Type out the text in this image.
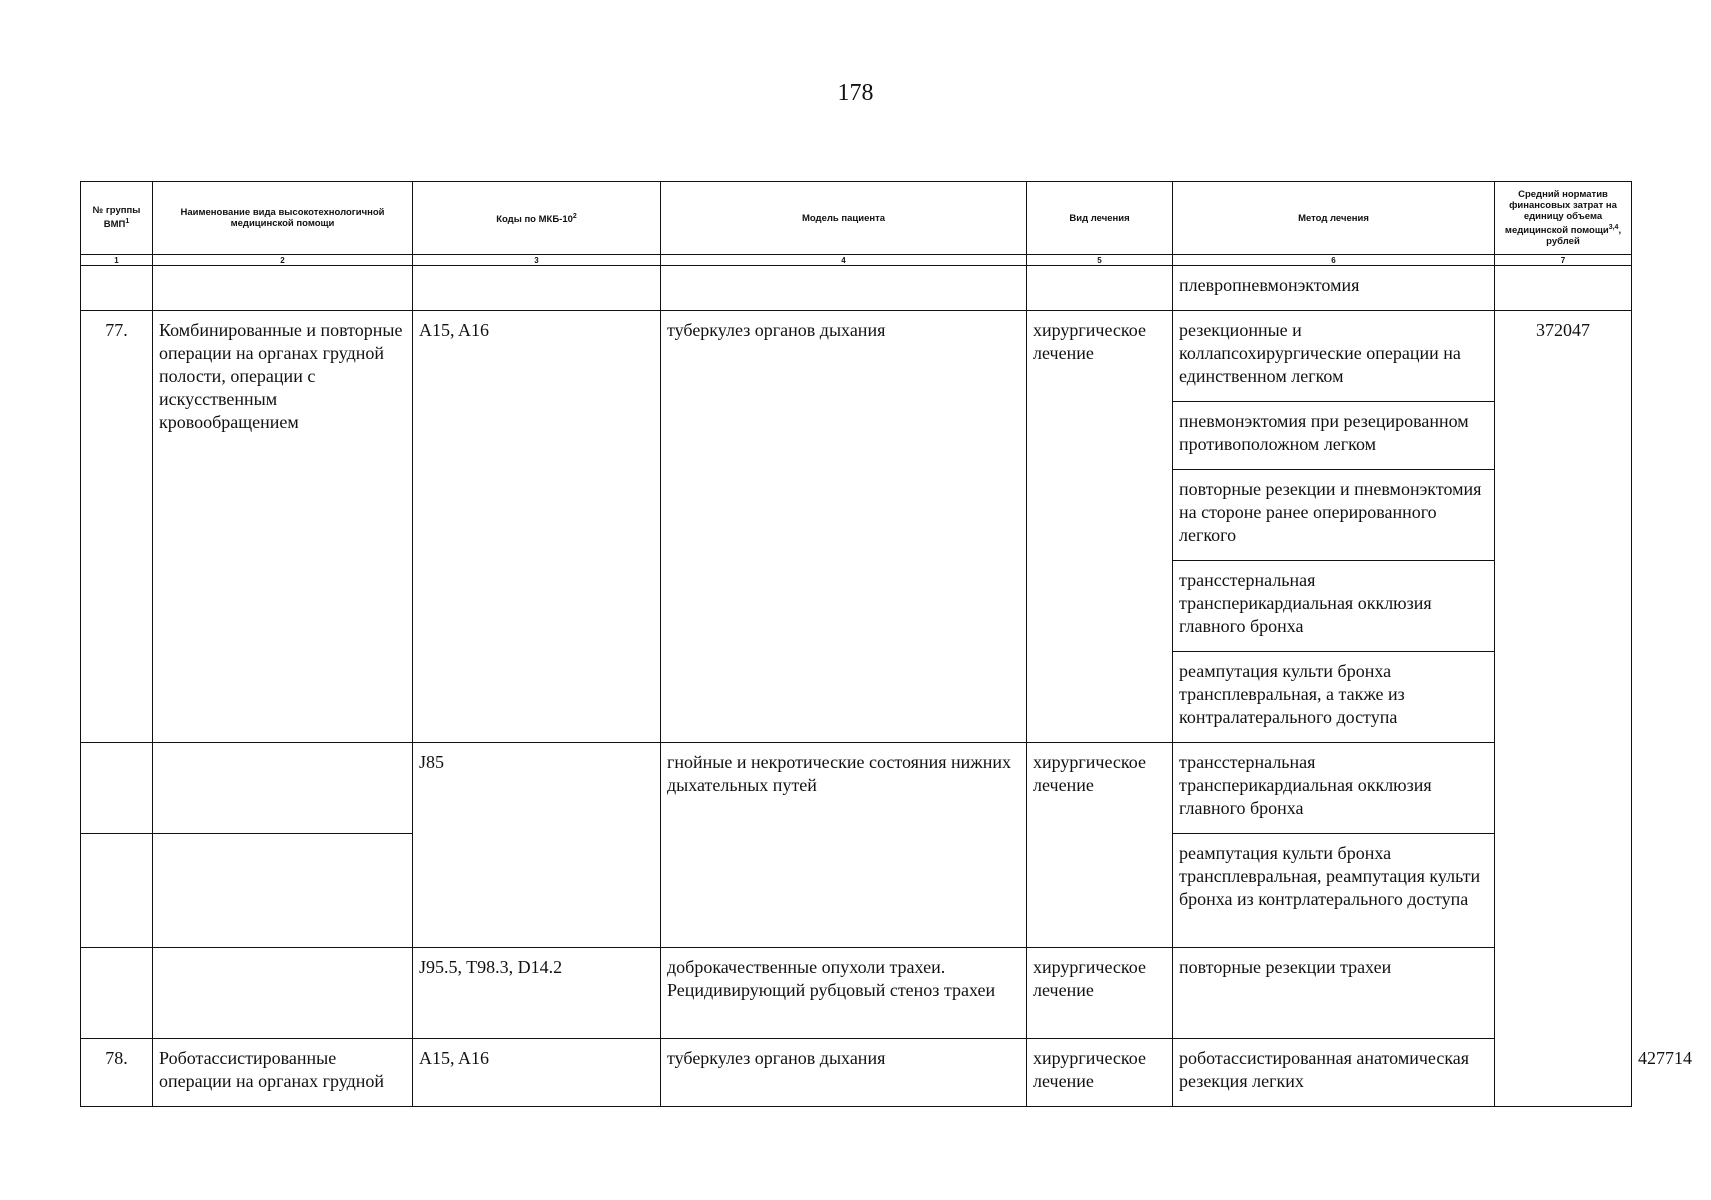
178
№ группы ВМП$^1$	Наименование вида высокотехнологичной медицинской помощи	Коды по МКБ-$10^2$	Модель пациента	Вид лечения	Метод лечения	Средний норматив финансовых затрат на единицу объема медицинской помощи$^{3,4}$, рублей	
1	2	3	4	5	6	7	
					плевропневмонэктомия		
77.	Комбинированные и повторные операции на органах грудной полости, операции с искусственным кровообращением	A15, A16	туберкулез органов дыхания	хирургическое лечение	резекционные и коллапсохирургические операции на единственном легком	372047	
					пневмонэктомия при резецированном противоположном легком		
					повторные резекции и пневмонэктомия на стороне ранее оперированного легкого		
					трансстернальная трансперикардиальная окклюзия главного бронха		
					реампутация культи бронха трансплевральная, а также из контралатерального доступа		
		J85	гнойные и некротические состояния нижних дыхательных путей	хирургическое лечение	трансстернальная трансперикардиальная окклюзия главного бронха		
					реампутация культи бронха трансплевральная, реампутация культи бронха из контрлатерального доступа		
		J95.5, T98.3, D14.2	доброкачественные опухоли трахеи. Рецидивирующий рубцовый стеноз трахеи	хирургическое лечение	повторные резекции трахеи		
78.	Роботассистированные операции на органах грудной	A15, A16	туберкулез органов дыхания	хирургическое лечение	роботассистированная анатомическая резекция легких		427714
